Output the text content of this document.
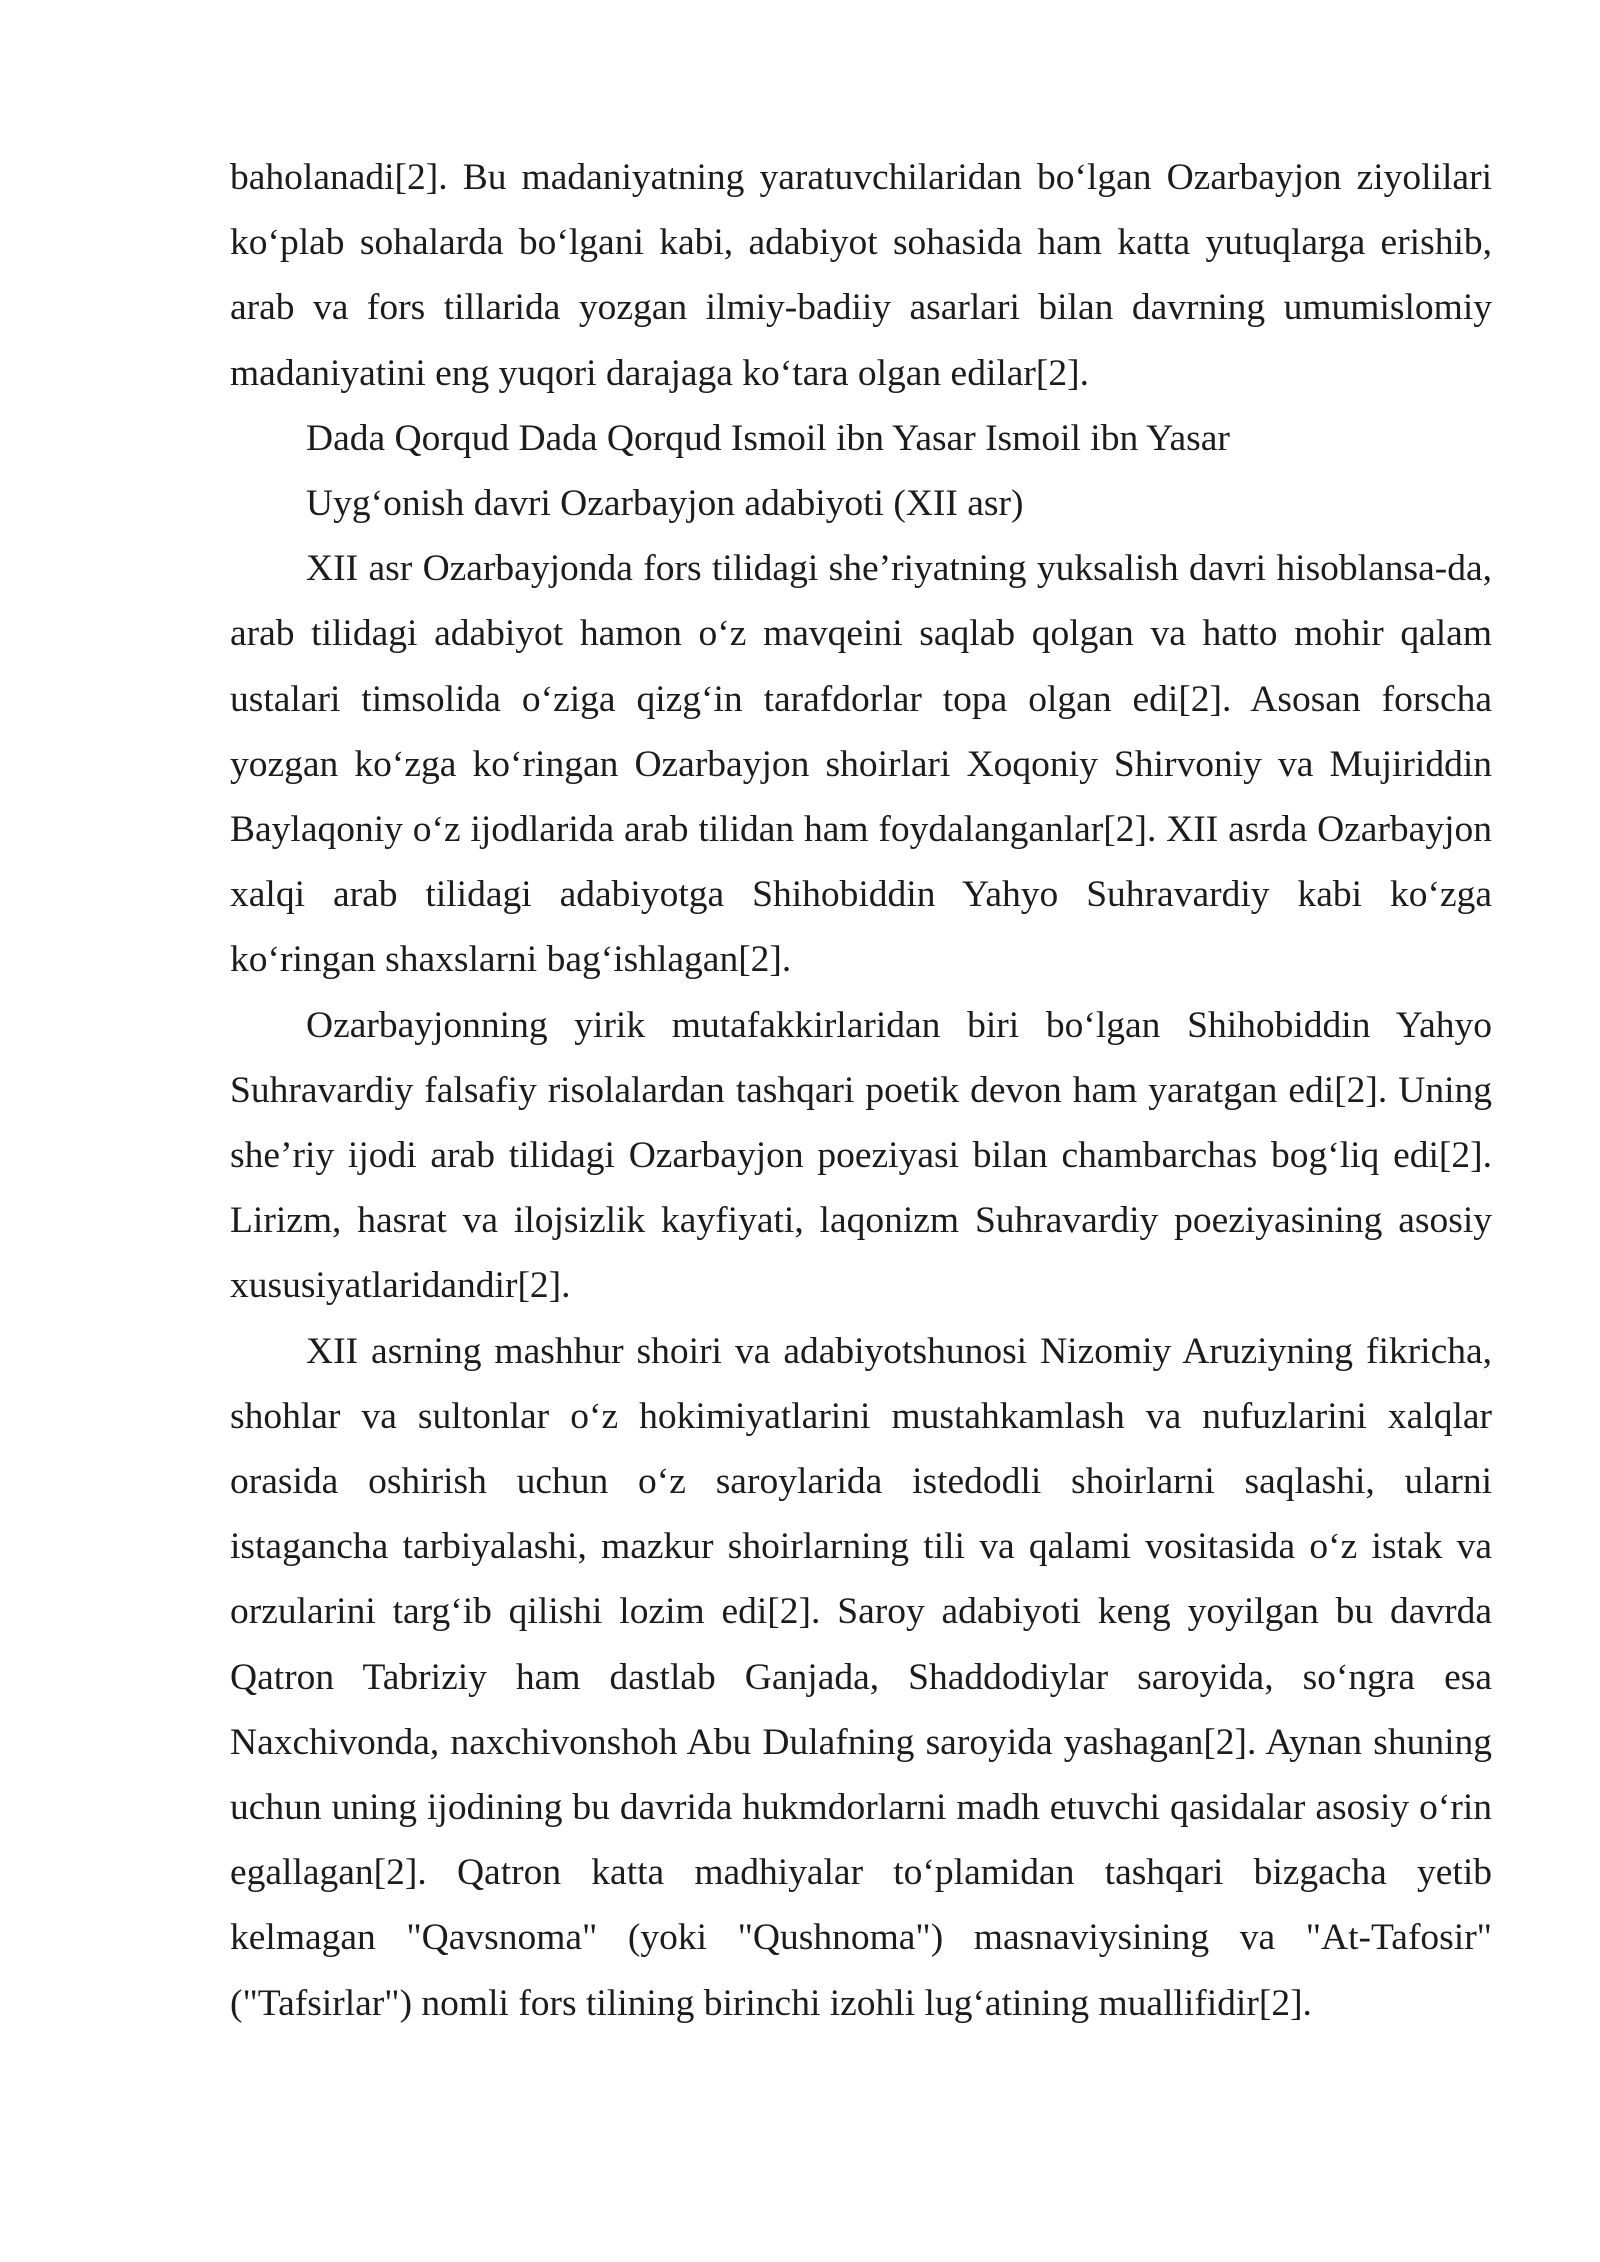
baholanadi[2]. Bu madaniyatning yaratuvchilaridan bo‘lgan Ozarbayjon ziyolilari ko‘plab sohalarda bo‘lgani kabi, adabiyot sohasida ham katta yutuqlarga erishib, arab va fors tillarida yozgan ilmiy-badiiy asarlari bilan davrning umumislomiy madaniyatini eng yuqori darajaga ko‘tara olgan edilar[2].

Dada Qorqud Dada Qorqud Ismoil ibn Yasar Ismoil ibn Yasar

Uyg‘onish davri Ozarbayjon adabiyoti (XII asr)

XII asr Ozarbayjonda fors tilidagi she’riyatning yuksalish davri hisoblansa-da, arab tilidagi adabiyot hamon o‘z mavqeini saqlab qolgan va hatto mohir qalam ustalari timsolida o‘ziga qizg‘in tarafdorlar topa olgan edi[2]. Asosan forscha yozgan ko‘zga ko‘ringan Ozarbayjon shoirlari Xoqoniy Shirvoniy va Mujiriddin Baylaqoniy o‘z ijodlarida arab tilidan ham foydalanganlar[2]. XII asrda Ozarbayjon xalqi arab tilidagi adabiyotga Shihobiddin Yahyo Suhravardiy kabi ko‘zga ko‘ringan shaxslarni bag‘ishlagan[2].

Ozarbayjonning yirik mutafakkirlaridan biri bo‘lgan Shihobiddin Yahyo Suhravardiy falsafiy risolalardan tashqari poetik devon ham yaratgan edi[2]. Uning she’riy ijodi arab tilidagi Ozarbayjon poeziyasi bilan chambarchas bog‘liq edi[2]. Lirizm, hasrat va ilojsizlik kayfiyati, laqonizm Suhravardiy poeziyasining asosiy xususiyatlaridandir[2].

XII asrning mashhur shoiri va adabiyotshunosi Nizomiy Aruziyning fikricha, shohlar va sultonlar o‘z hokimiyatlarini mustahkamlash va nufuzlarini xalqlar orasida oshirish uchun o‘z saroylarida istedodli shoirlarni saqlashi, ularni istagancha tarbiyalashi, mazkur shoirlarning tili va qalami vositasida o‘z istak va orzularini targ‘ib qilishi lozim edi[2]. Saroy adabiyoti keng yoyilgan bu davrda Qatron Tabriziy ham dastlab Ganjada, Shaddodiylar saroyida, so‘ngra esa Naxchivonda, naxchivonshoh Abu Dulafning saroyida yashagan[2]. Aynan shuning uchun uning ijodining bu davrida hukmdorlarni madh etuvchi qasidalar asosiy o‘rin egallagan[2]. Qatron katta madhiyalar to‘plamidan tashqari bizgacha yetib kelmagan "Qavsnoma" (yoki "Qushnoma") masnaviysining va "At-Tafosir" ("Tafsirlar") nomli fors tilining birinchi izohli lug‘atining muallifidir[2].
